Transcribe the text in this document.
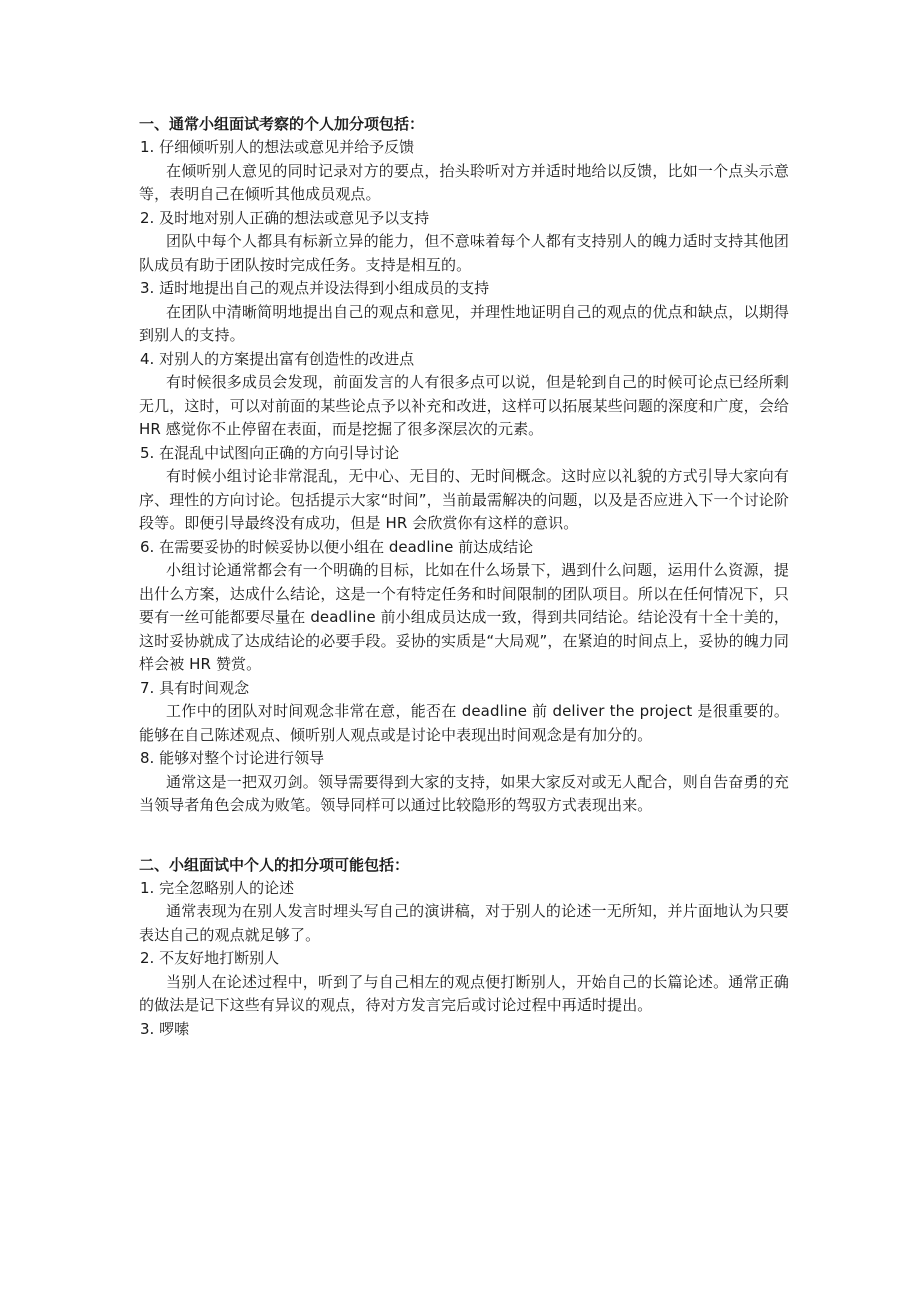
一、通常小组面试考察的个人加分项包括：

1. 仔细倾听别人的想法或意见并给予反馈

在倾听别人意见的同时记录对方的要点，抬头聆听对方并适时地给以反馈，比如一个点头示意等，表明自己在倾听其他成员观点。

2. 及时地对别人正确的想法或意见予以支持

团队中每个人都具有标新立异的能力，但不意味着每个人都有支持别人的魄力适时支持其他团队成员有助于团队按时完成任务。支持是相互的。

3. 适时地提出自己的观点并设法得到小组成员的支持

在团队中清晰简明地提出自己的观点和意见，并理性地证明自己的观点的优点和缺点，以期得到别人的支持。

4. 对别人的方案提出富有创造性的改进点

有时候很多成员会发现，前面发言的人有很多点可以说，但是轮到自己的时候可论点已经所剩无几，这时，可以对前面的某些论点予以补充和改进，这样可以拓展某些问题的深度和广度，会给 HR 感觉你不止停留在表面，而是挖掘了很多深层次的元素。

5. 在混乱中试图向正确的方向引导讨论

有时候小组讨论非常混乱，无中心、无目的、无时间概念。这时应以礼貌的方式引导大家向有序、理性的方向讨论。包括提示大家“时间”，当前最需解决的问题，以及是否应进入下一个讨论阶段等。即便引导最终没有成功，但是 HR 会欣赏你有这样的意识。

6. 在需要妥协的时候妥协以便小组在 deadline 前达成结论

小组讨论通常都会有一个明确的目标，比如在什么场景下，遇到什么问题，运用什么资源，提出什么方案，达成什么结论，这是一个有特定任务和时间限制的团队项目。所以在任何情况下，只要有一丝可能都要尽量在 deadline 前小组成员达成一致，得到共同结论。结论没有十全十美的，这时妥协就成了达成结论的必要手段。妥协的实质是“大局观”，在紧迫的时间点上，妥协的魄力同样会被 HR 赞赏。

7. 具有时间观念

工作中的团队对时间观念非常在意，能否在 deadline 前 deliver the project 是很重要的。能够在自己陈述观点、倾听别人观点或是讨论中表现出时间观念是有加分的。

8. 能够对整个讨论进行领导

通常这是一把双刃剑。领导需要得到大家的支持，如果大家反对或无人配合，则自告奋勇的充当领导者角色会成为败笔。领导同样可以通过比较隐形的驾驭方式表现出来。

二、小组面试中个人的扣分项可能包括：

1. 完全忽略别人的论述

通常表现为在别人发言时埋头写自己的演讲稿，对于别人的论述一无所知，并片面地认为只要表达自己的观点就足够了。

2. 不友好地打断别人

当别人在论述过程中，听到了与自己相左的观点便打断别人，开始自己的长篇论述。通常正确的做法是记下这些有异议的观点，待对方发言完后或讨论过程中再适时提出。

3. 啰嗦
